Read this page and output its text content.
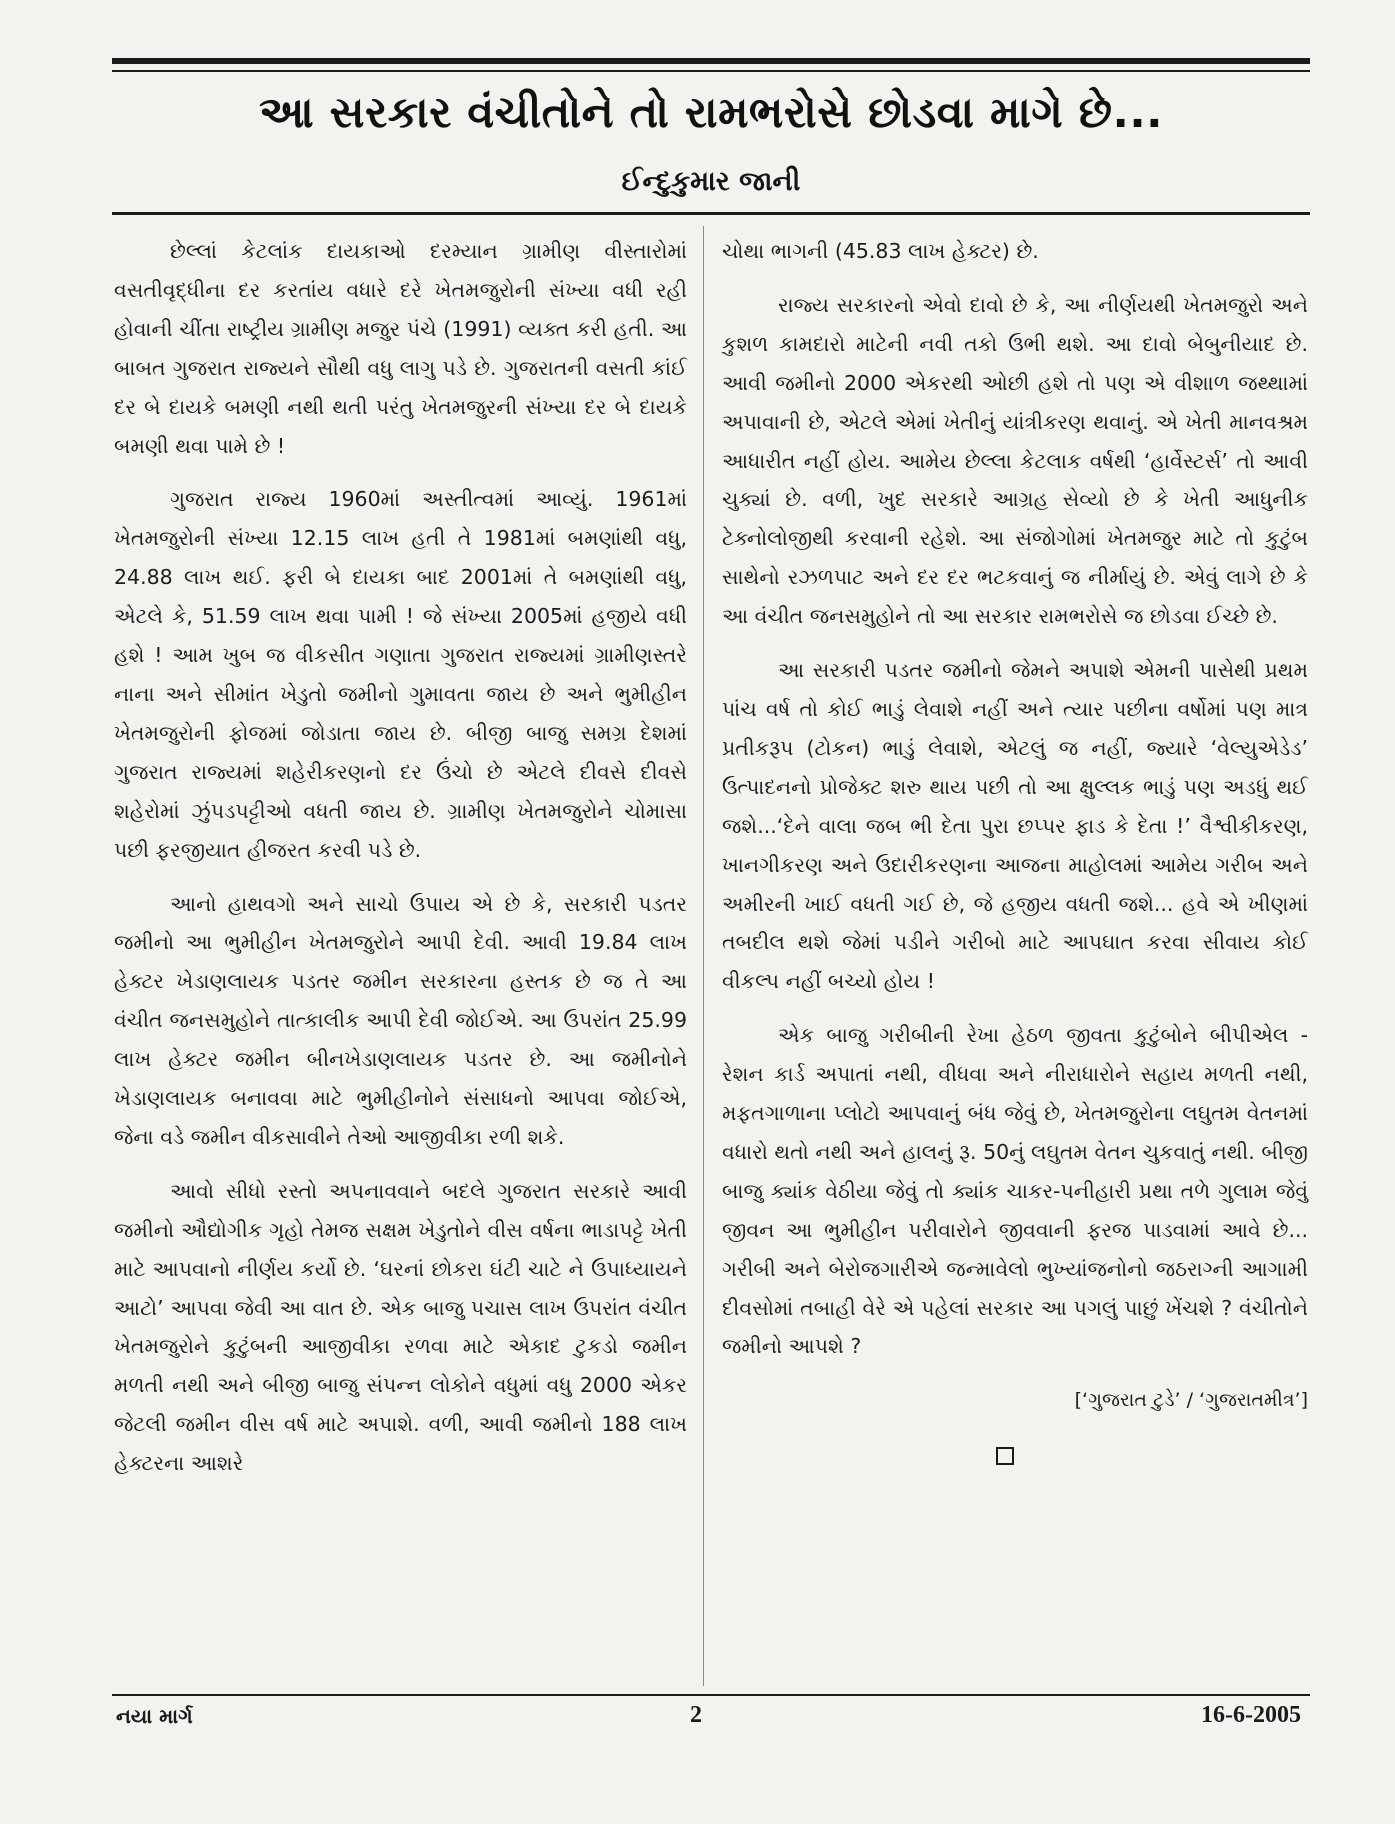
આ સરકાર વંચીતોને તો રામભરોસે છોડવા માગે છે...
ઈન્દુકુમાર જાની

છેલ્લાં કેટલાંક દાયકાઓ દરમ્યાન ગ્રામીણ વીસ્તારોમાં વસતીવૃદ્ધીના દર કરતાંય વધારે દરે ખેતમજુરોની સંખ્યા વધી રહી હોવાની ચીંતા રાષ્ટ્રીય ગ્રામીણ મજુર પંચે (1991) વ્યક્ત કરી હતી. આ બાબત ગુજરાત રાજ્યને સૌથી વધુ લાગુ પડે છે. ગુજરાતની વસતી કાંઈ દર બે દાયકે બમણી નથી થતી પરંતુ ખેતમજુરની સંખ્યા દર બે દાયકે બમણી થવા પામે છે !

ગુજરાત રાજ્ય 1960માં અસ્તીત્વમાં આવ્યું. 1961માં ખેતમજુરોની સંખ્યા 12.15 લાખ હતી તે 1981માં બમણાંથી વધુ, 24.88 લાખ થઈ. ફરી બે દાયકા બાદ 2001માં તે બમણાંથી વધુ, એટલે કે, 51.59 લાખ થવા પામી ! જે સંખ્યા 2005માં હજીયે વધી હશે ! આમ ખુબ જ વીકસીત ગણાતા ગુજરાત રાજ્યમાં ગ્રામીણસ્તરે નાના અને સીમાંત ખેડુતો જમીનો ગુમાવતા જાય છે અને ભુમીહીન ખેતમજુરોની ફોજમાં જોડાતા જાય છે. બીજી બાજુ સમગ્ર દેશમાં ગુજરાત રાજ્યમાં શહેરીકરણનો દર ઉંચો છે એટલે દીવસે દીવસે શહેરોમાં ઝુંપડપટ્ટીઓ વધતી જાય છે. ગ્રામીણ ખેતમજુરોને ચોમાસા પછી ફરજીયાત હીજરત કરવી પડે છે.

આનો હાથવગો અને સાચો ઉપાય એ છે કે, સરકારી પડતર જમીનો આ ભુમીહીન ખેતમજુરોને આપી દેવી. આવી 19.84 લાખ હેક્ટર ખેડાણલાયક પડતર જમીન સરકારના હસ્તક છે જ તે આ વંચીત જનસમુહોને તાત્કાલીક આપી દેવી જોઈએ. આ ઉપરાંત 25.99 લાખ હેક્ટર જમીન બીનખેડાણલાયક પડતર છે. આ જમીનોને ખેડાણલાયક બનાવવા માટે ભુમીહીનોને સંસાધનો આપવા જોઈએ, જેના વડે જમીન વીકસાવીને તેઓ આજીવીકા રળી શકે.

આવો સીધો રસ્તો અપનાવવાને બદલે ગુજરાત સરકારે આવી જમીનો ઔદ્યોગીક ગૃહો તેમજ સક્ષમ ખેડુતોને વીસ વર્ષના ભાડાપટ્ટે ખેતી માટે આપવાનો નીર્ણય કર્યો છે. ‘ઘરનાં છોકરા ઘંટી ચાટે ને ઉપાધ્યાયને આટો’ આપવા જેવી આ વાત છે. એક બાજુ પચાસ લાખ ઉપરાંત વંચીત ખેતમજુરોને કુટુંબની આજીવીકા રળવા માટે એકાદ ટુકડો જમીન મળતી નથી અને બીજી બાજુ સંપન્ન લોકોને વધુમાં વધુ 2000 એકર જેટલી જમીન વીસ વર્ષ માટે અપાશે. વળી, આવી જમીનો 188 લાખ હેક્ટરના આશરે

ચોથા ભાગની (45.83 લાખ હેક્ટર) છે.

રાજ્ય સરકારનો એવો દાવો છે કે, આ નીર્ણયથી ખેતમજુરો અને કુશળ કામદારો માટેની નવી તકો ઉભી થશે. આ દાવો બેબુનીયાદ છે. આવી જમીનો 2000 એકરથી ઓછી હશે તો પણ એ વીશાળ જથ્થામાં અપાવાની છે, એટલે એમાં ખેતીનું યાંત્રીકરણ થવાનું. એ ખેતી માનવશ્રમ આધારીત નહીં હોય. આમેય છેલ્લા કેટલાક વર્ષથી ‘હાર્વેસ્ટર્સ’ તો આવી ચુક્યાં છે. વળી, ખુદ સરકારે આગ્રહ સેવ્યો છે કે ખેતી આધુનીક ટેક્નોલોજીથી કરવાની રહેશે. આ સંજોગોમાં ખેતમજુર માટે તો કુટુંબ સાથેનો રઝળપાટ અને દર દર ભટકવાનું જ નીર્માયું છે. એવું લાગે છે કે આ વંચીત જનસમુહોને તો આ સરકાર રામભરોસે જ છોડવા ઈચ્છે છે.

આ સરકારી પડતર જમીનો જેમને અપાશે એમની પાસેથી પ્રથમ પાંચ વર્ષ તો કોઈ ભાડું લેવાશે નહીં અને ત્યાર પછીના વર્ષોમાં પણ માત્ર પ્રતીકરૂપ (ટોકન) ભાડું લેવાશે, એટલું જ નહીં, જ્યારે ‘વેલ્યુએડેડ’ ઉત્પાદનનો પ્રોજેક્ટ શરુ થાય પછી તો આ ક્ષુલ્લક ભાડું પણ અડધું થઈ જશે...‘દેને વાલા જબ ભી દેતા પુરા છપ્પર ફાડ કે દેતા !’ વૈશ્વીકીકરણ, ખાનગીકરણ અને ઉદારીકરણના આજના માહોલમાં આમેય ગરીબ અને અમીરની ખાઈ વધતી ગઈ છે, જે હજીય વધતી જશે... હવે એ ખીણમાં તબદીલ થશે જેમાં પડીને ગરીબો માટે આપઘાત કરવા સીવાય કોઈ વીકલ્પ નહીં બચ્યો હોય !

એક બાજુ ગરીબીની રેખા હેઠળ જીવતા કુટુંબોને બીપીએલ - રેશન કાર્ડ અપાતાં નથી, વીધવા અને નીરાધારોને સહાય મળતી નથી, મફતગાળાના પ્લોટો આપવાનું બંધ જેવું છે, ખેતમજુરોના લઘુતમ વેતનમાં વધારો થતો નથી અને હાલનું રૂ. 50નું લઘુતમ વેતન ચુકવાતું નથી. બીજી બાજુ ક્યાંક વેઠીયા જેવું તો ક્યાંક ચાકર-પનીહારી પ્રથા તળે ગુલામ જેવું જીવન આ ભુમીહીન પરીવારોને જીવવાની ફરજ પાડવામાં આવે છે... ગરીબી અને બેરોજગારીએ જન્માવેલો ભુખ્યાંજનોનો જઠરાગ્ની આગામી દીવસોમાં તબાહી વેરે એ પહેલાં સરકાર આ પગલું પાછું ખેંચશે ? વંચીતોને જમીનો આપશે ?

[‘ગુજરાત ટુડે’ / ‘ગુજરાતમીત્ર’]

નયા માર્ગ	2	16-6-2005
